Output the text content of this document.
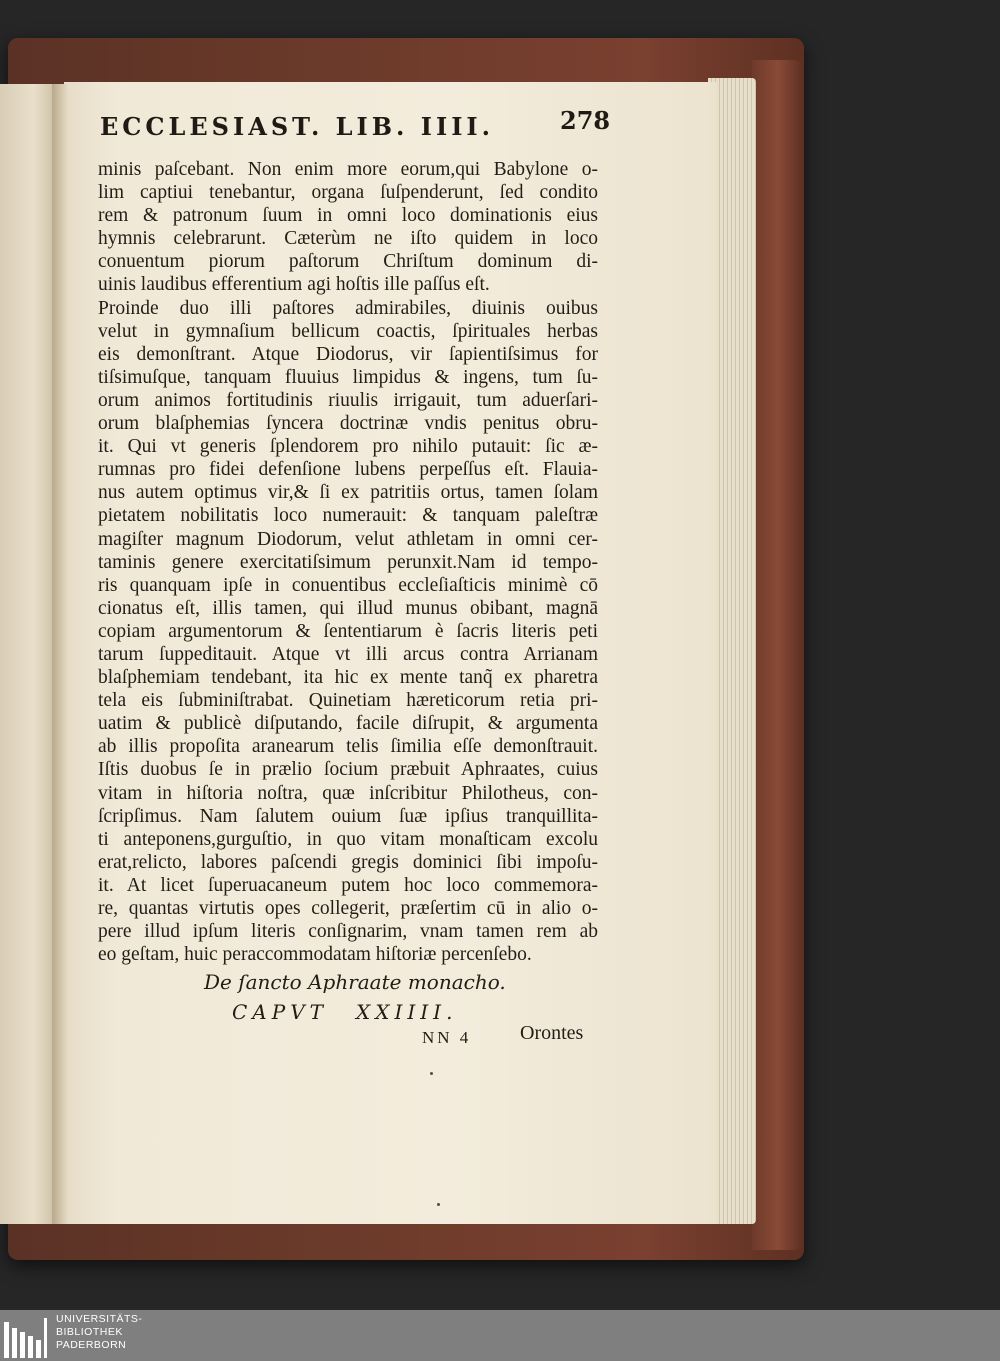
ECCLESIAST. LIB. IIII.	278
minis paſcebant. Non enim more eorum,qui Babylone o-
lim captiui tenebantur, organa ſuſpenderunt, ſed condito
rem & patronum ſuum in omni loco dominationis eius
hymnis celebrarunt. Cæterùm ne iſto quidem in loco
conuentum piorum paſtorum Chriſtum dominum di-
uinis laudibus efferentium agi hoſtis ille paſſus eſt.
Proinde duo illi paſtores admirabiles, diuinis ouibus
velut in gymnaſium bellicum coactis, ſpirituales herbas
eis demonſtrant. Atque Diodorus, vir ſapientiſsimus for
tiſsimuſque, tanquam fluuius limpidus & ingens, tum ſu-
orum animos fortitudinis riuulis irrigauit, tum aduerſari-
orum blaſphemias ſyncera doctrinæ vndis penitus obru-
it. Qui vt generis ſplendorem pro nihilo putauit: ſic æ-
rumnas pro fidei defenſione lubens perpeſſus eſt. Flauia-
nus autem optimus vir,& ſi ex patritiis ortus, tamen ſolam
pietatem nobilitatis loco numerauit: & tanquam paleſtræ
magiſter magnum Diodorum, velut athletam in omni cer-
taminis genere exercitatiſsimum perunxit.Nam id tempo-
ris quanquam ipſe in conuentibus eccleſiaſticis minimè cō
cionatus eſt, illis tamen, qui illud munus obibant, magnā
copiam argumentorum & ſententiarum è ſacris literis peti
tarum ſuppeditauit. Atque vt illi arcus contra Arrianam
blaſphemiam tendebant, ita hic ex mente tanq̃ ex pharetra
tela eis ſubminiſtrabat. Quinetiam hæreticorum retia pri-
uatim & publicè diſputando, facile diſrupit, & argumenta
ab illis propoſita aranearum telis ſimilia eſſe demonſtrauit.
Iſtis duobus ſe in prælio ſocium præbuit Aphraates, cuius
vitam in hiſtoria noſtra, quæ inſcribitur Philotheus, con-
ſcripſimus. Nam ſalutem ouium ſuæ ipſius tranquillita-
ti anteponens,gurguſtio, in quo vitam monaſticam excolu
erat,relicto, labores paſcendi gregis dominici ſibi impoſu-
it. At licet ſuperuacaneum putem hoc loco commemora-
re, quantas virtutis opes collegerit, præſertim cū in alio o-
pere illud ipſum literis conſignarim, vnam tamen rem ab
eo geſtam, huic peraccommodatam hiſtoriæ percenſebo.
De ſancto Aphraate monacho.
CAPVT XXIIII.
NN 4 Orontes
UNIVERSITÄTS-
BIBLIOTHEK
PADERBORN
